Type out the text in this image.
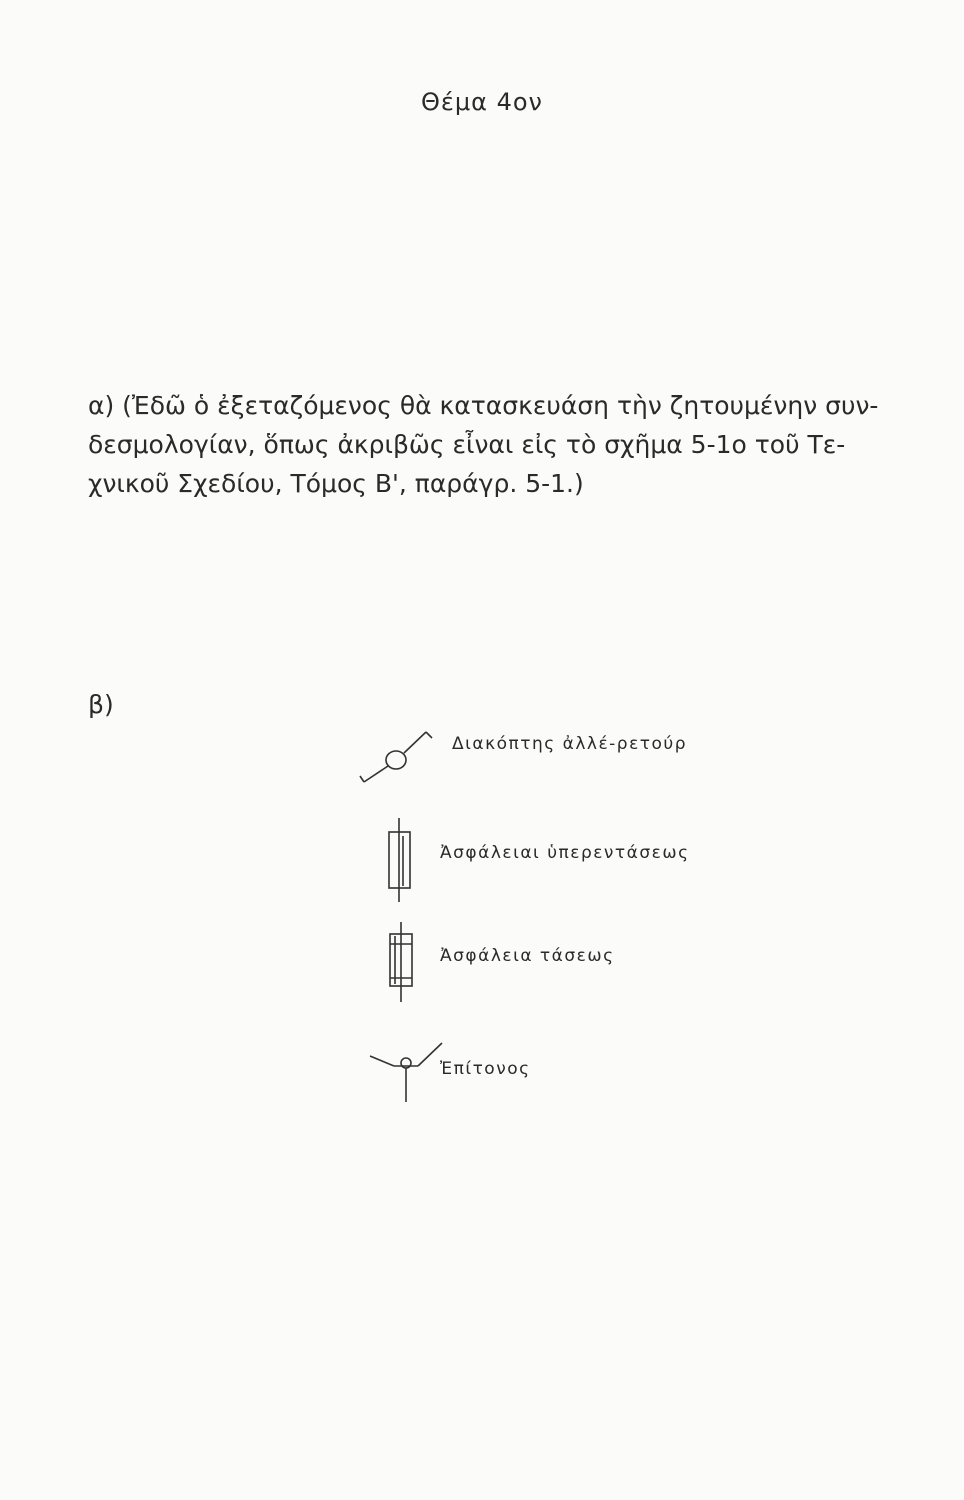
Θέμα 4ον
α) (Ἐδῶ ὁ ἐξεταζόμενος θὰ κατασκευάση τὴν ζητουμένην συν-
δεσμολογίαν, ὅπως ἀκριβῶς εἶναι εἰς τὸ σχῆμα 5-1ο τοῦ Τε-
χνικοῦ Σχεδίου, Τόμος Β', παράγρ. 5-1.)
β)
Διακόπτης ἀλλέ-ρετούρ
Ἀσφάλειαι ὑπερεντάσεως
Ἀσφάλεια τάσεως
Ἐπίτονος
